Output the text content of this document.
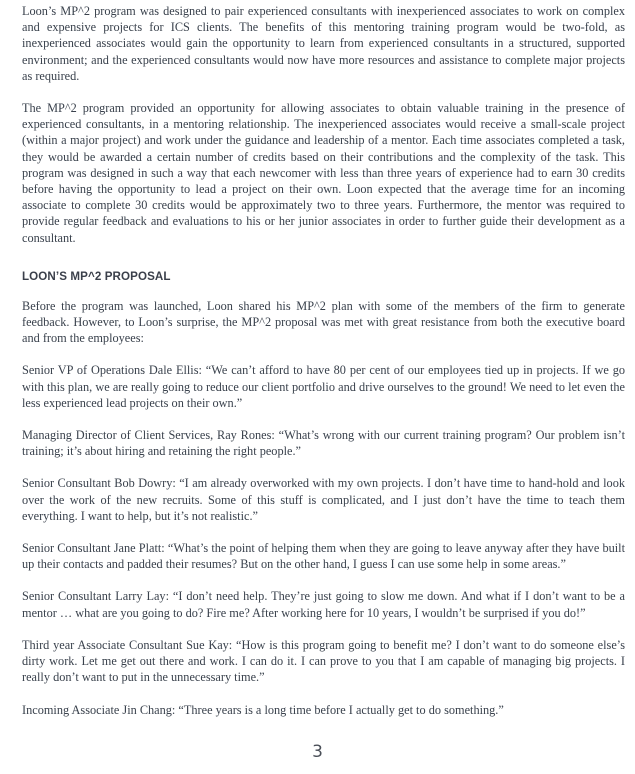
Loon’s MP^2 program was designed to pair experienced consultants with inexperienced associates to work on complex and expensive projects for ICS clients. The benefits of this mentoring training program would be two-fold, as inexperienced associates would gain the opportunity to learn from experienced consultants in a structured, supported environment; and the experienced consultants would now have more resources and assistance to complete major projects as required.

The MP^2 program provided an opportunity for allowing associates to obtain valuable training in the presence of experienced consultants, in a mentoring relationship. The inexperienced associates would receive a small-scale project (within a major project) and work under the guidance and leadership of a mentor. Each time associates completed a task, they would be awarded a certain number of credits based on their contributions and the complexity of the task. This program was designed in such a way that each newcomer with less than three years of experience had to earn 30 credits before having the opportunity to lead a project on their own. Loon expected that the average time for an incoming associate to complete 30 credits would be approximately two to three years. Furthermore, the mentor was required to provide regular feedback and evaluations to his or her junior associates in order to further guide their development as a consultant.

LOON’S MP^2 PROPOSAL

Before the program was launched, Loon shared his MP^2 plan with some of the members of the firm to generate feedback. However, to Loon’s surprise, the MP^2 proposal was met with great resistance from both the executive board and from the employees:

Senior VP of Operations Dale Ellis: “We can’t afford to have 80 per cent of our employees tied up in projects. If we go with this plan, we are really going to reduce our client portfolio and drive ourselves to the ground! We need to let even the less experienced lead projects on their own.”

Managing Director of Client Services, Ray Rones: “What’s wrong with our current training program? Our problem isn’t training; it’s about hiring and retaining the right people.”

Senior Consultant Bob Dowry: “I am already overworked with my own projects. I don’t have time to hand-hold and look over the work of the new recruits. Some of this stuff is complicated, and I just don’t have the time to teach them everything. I want to help, but it’s not realistic.”

Senior Consultant Jane Platt: “What’s the point of helping them when they are going to leave anyway after they have built up their contacts and padded their resumes? But on the other hand, I guess I can use some help in some areas.”

Senior Consultant Larry Lay: “I don’t need help. They’re just going to slow me down. And what if I don’t want to be a mentor … what are you going to do? Fire me? After working here for 10 years, I wouldn’t be surprised if you do!”

Third year Associate Consultant Sue Kay: “How is this program going to benefit me? I don’t want to do someone else’s dirty work. Let me get out there and work. I can do it. I can prove to you that I am capable of managing big projects. I really don’t want to put in the unnecessary time.”

Incoming Associate Jin Chang: “Three years is a long time before I actually get to do something.”

3
